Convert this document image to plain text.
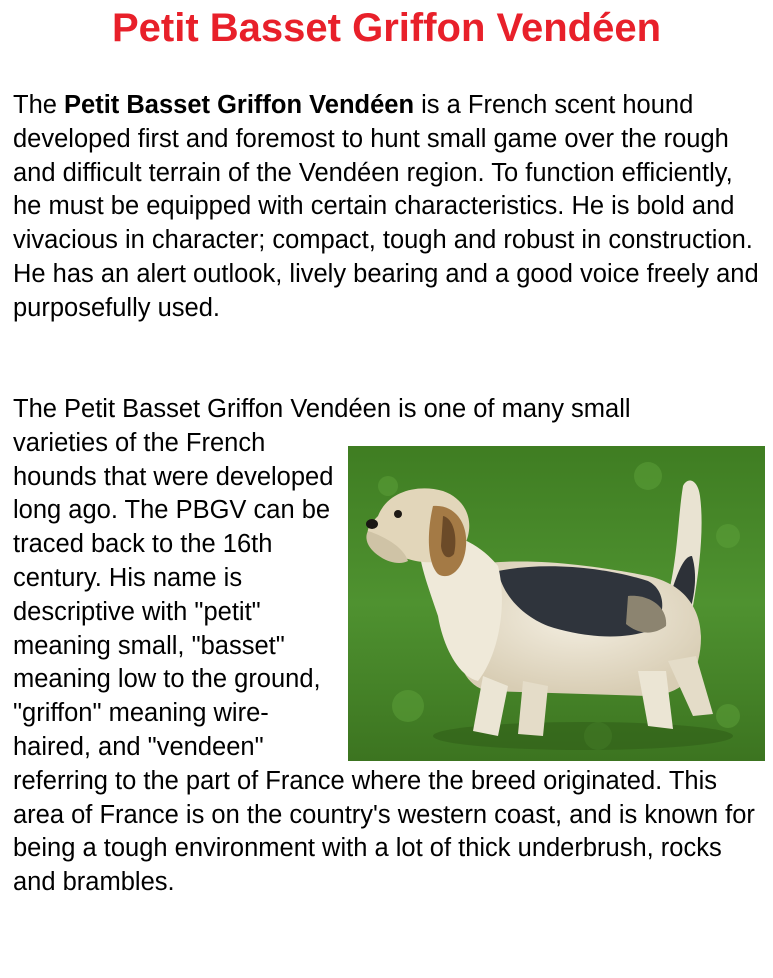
Petit Basset Griffon Vendéen

The Petit Basset Griffon Vendéen is a French scent hound developed first and foremost to hunt small game over the rough and difficult terrain of the Vendéen region. To function efficiently, he must be equipped with certain characteristics. He is bold and vivacious in character; compact, tough and robust in construction. He has an alert outlook, lively bearing and a good voice freely and purposefully used.

The Petit Basset Griffon Vendéen is one of many small

varieties of the French hounds that were developed long ago. The PBGV can be traced back to the 16th century. His name is descriptive with "petit" meaning small, "basset" meaning low to the ground, "griffon" meaning wire-haired, and "vendeen" referring to the part of France where the breed originated. This area of France is on the country's western coast, and is known for being a tough environment with a lot of thick underbrush, rocks and brambles.
